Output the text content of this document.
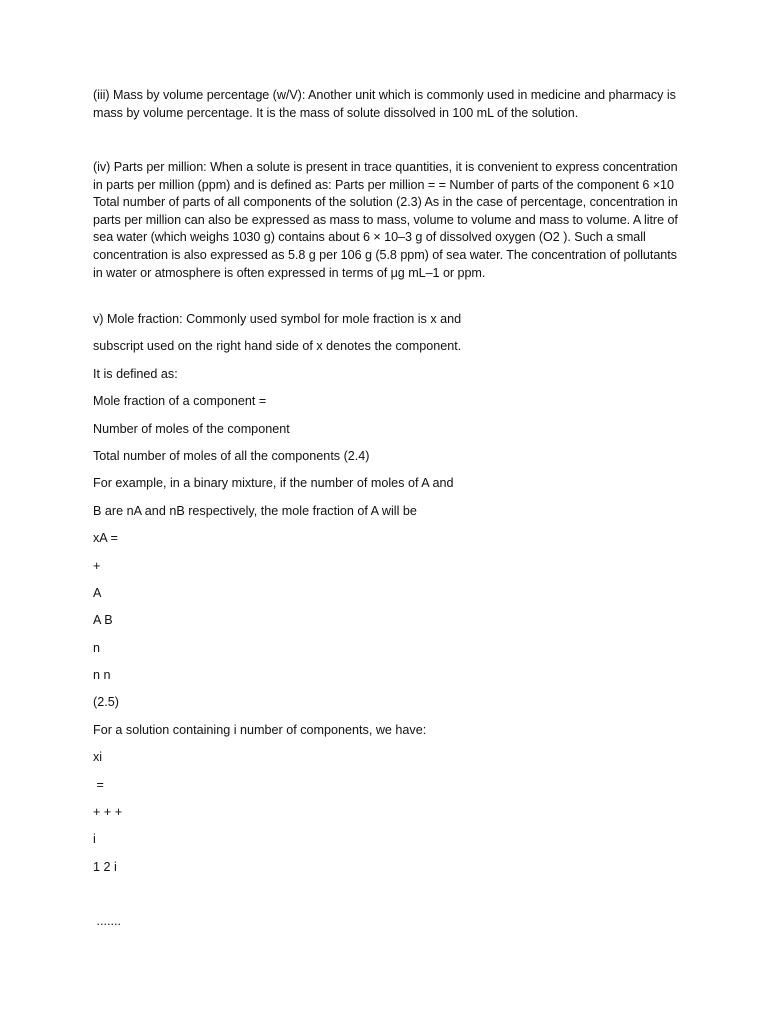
(iii) Mass by volume percentage (w/V): Another unit which is commonly used in medicine and pharmacy is mass by volume percentage. It is the mass of solute dissolved in 100 mL of the solution.

(iv) Parts per million: When a solute is present in trace quantities, it is convenient to express concentration in parts per million (ppm) and is defined as: Parts per million = = Number of parts of the component 6 ×10 Total number of parts of all components of the solution (2.3) As in the case of percentage, concentration in parts per million can also be expressed as mass to mass, volume to volume and mass to volume. A litre of sea water (which weighs 1030 g) contains about 6 × 10–3 g of dissolved oxygen (O2 ). Such a small concentration is also expressed as 5.8 g per 106 g (5.8 ppm) of sea water. The concentration of pollutants in water or atmosphere is often expressed in terms of μg mL–1 or ppm.

v) Mole fraction: Commonly used symbol for mole fraction is x and

subscript used on the right hand side of x denotes the component.

It is defined as:

Mole fraction of a component =

Number of moles of the component

Total number of moles of all the components (2.4)

For example, in a binary mixture, if the number of moles of A and

B are nA and nB respectively, the mole fraction of A will be

xA =

+

A

A B

n

n n

(2.5)

For a solution containing i number of components, we have:

xi

=

+ + +

i

1 2 i

.......
